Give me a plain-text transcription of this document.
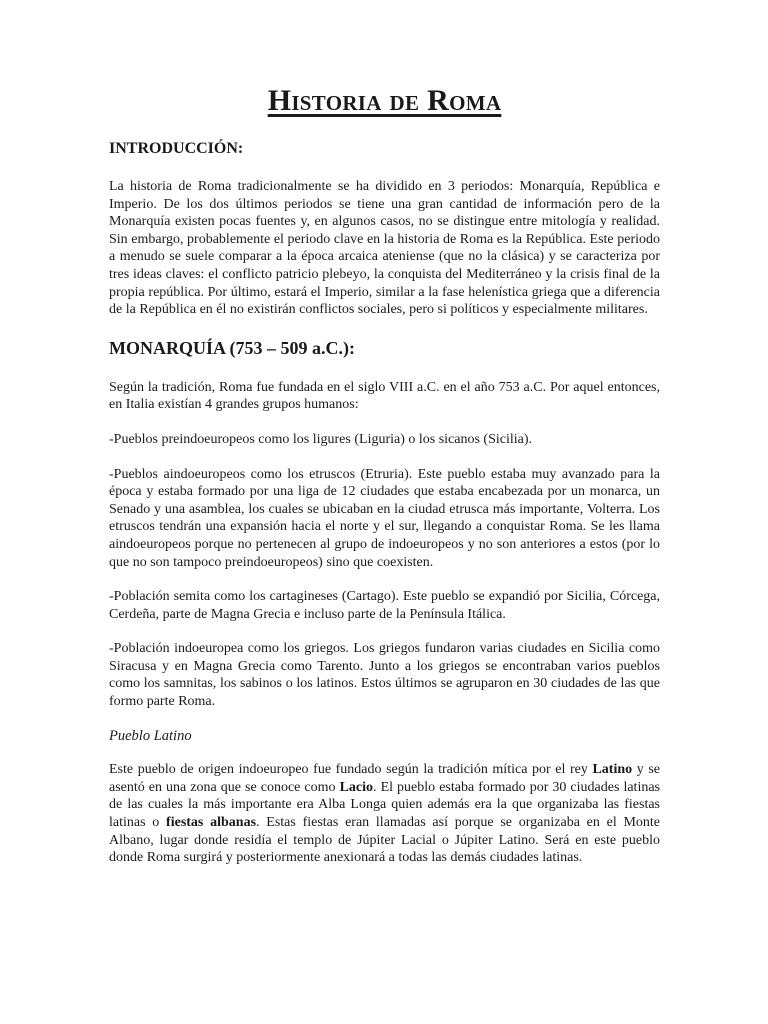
Historia de Roma
INTRODUCCIÓN:

La historia de Roma tradicionalmente se ha dividido en 3 periodos: Monarquía, República e Imperio. De los dos últimos periodos se tiene una gran cantidad de información pero de la Monarquía existen pocas fuentes y, en algunos casos, no se distingue entre mitología y realidad. Sin embargo, probablemente el periodo clave en la historia de Roma es la República. Este periodo a menudo se suele comparar a la época arcaica ateniense (que no la clásica) y se caracteriza por tres ideas claves: el conflicto patricio plebeyo, la conquista del Mediterráneo y la crisis final de la propia república. Por último, estará el Imperio, similar a la fase helenística griega que a diferencia de la República en él no existirán conflictos sociales, pero si políticos y especialmente militares.

MONARQUÍA (753 – 509 a.C.):

Según la tradición, Roma fue fundada en el siglo VIII a.C. en el año 753 a.C. Por aquel entonces, en Italia existían 4 grandes grupos humanos:

-Pueblos preindoeuropeos como los ligures (Liguria) o los sicanos (Sicilia).

-Pueblos aindoeuropeos como los etruscos (Etruria). Este pueblo estaba muy avanzado para la época y estaba formado por una liga de 12 ciudades que estaba encabezada por un monarca, un Senado y una asamblea, los cuales se ubicaban en la ciudad etrusca más importante, Volterra. Los etruscos tendrán una expansión hacia el norte y el sur, llegando a conquistar Roma. Se les llama aindoeuropeos porque no pertenecen al grupo de indoeuropeos y no son anteriores a estos (por lo que no son tampoco preindoeuropeos) sino que coexisten.

-Población semita como los cartagineses (Cartago). Este pueblo se expandió por Sicilia, Córcega, Cerdeña, parte de Magna Grecia e incluso parte de la Península Itálica.

-Población indoeuropea como los griegos. Los griegos fundaron varias ciudades en Sicilia como Siracusa y en Magna Grecia como Tarento. Junto a los griegos se encontraban varios pueblos como los samnitas, los sabinos o los latinos. Estos últimos se agruparon en 30 ciudades de las que formo parte Roma.

Pueblo Latino

Este pueblo de origen indoeuropeo fue fundado según la tradición mítica por el rey Latino y se asentó en una zona que se conoce como Lacio. El pueblo estaba formado por 30 ciudades latinas de las cuales la más importante era Alba Longa quien además era la que organizaba las fiestas latinas o fiestas albanas. Estas fiestas eran llamadas así porque se organizaba en el Monte Albano, lugar donde residía el templo de Júpiter Lacial o Júpiter Latino. Será en este pueblo donde Roma surgirá y posteriormente anexionará a todas las demás ciudades latinas.
